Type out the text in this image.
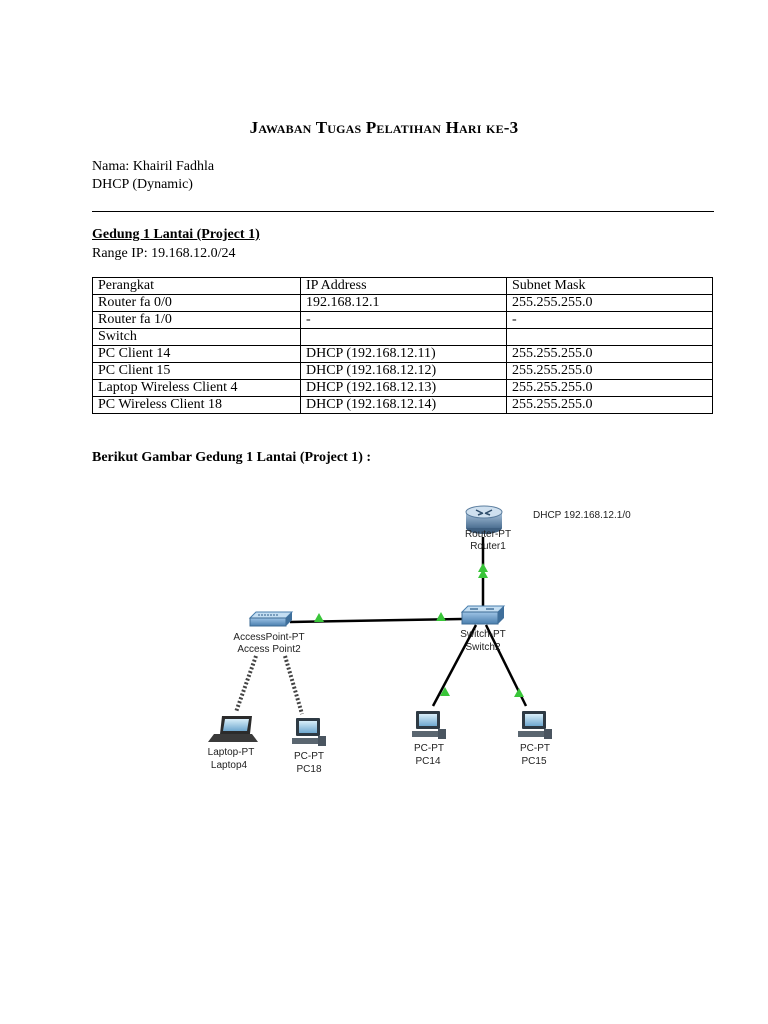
Jawaban Tugas Pelatihan Hari ke-3
Nama: Khairil Fadhla
DHCP (Dynamic)
Gedung 1 Lantai (Project 1)
Range IP: 19.168.12.0/24
Perangkat	IP Address	Subnet Mask
Router fa 0/0	192.168.12.1	255.255.255.0
Router fa 1/0	-	-
Switch		
PC Client 14	DHCP (192.168.12.11)	255.255.255.0
PC Client 15	DHCP (192.168.12.12)	255.255.255.0
Laptop Wireless Client 4	DHCP (192.168.12.13)	255.255.255.0
PC Wireless Client 18	DHCP (192.168.12.14)	255.255.255.0
Berikut Gambar Gedung 1 Lantai (Project 1) :
DHCP 192.168.12.1/0
Router-PT
Router1
Switch-PT
Switch2
AccessPoint-PT
Access Point2
Laptop-PT
Laptop4
PC-PT
PC18
PC-PT
PC14
PC-PT
PC15
